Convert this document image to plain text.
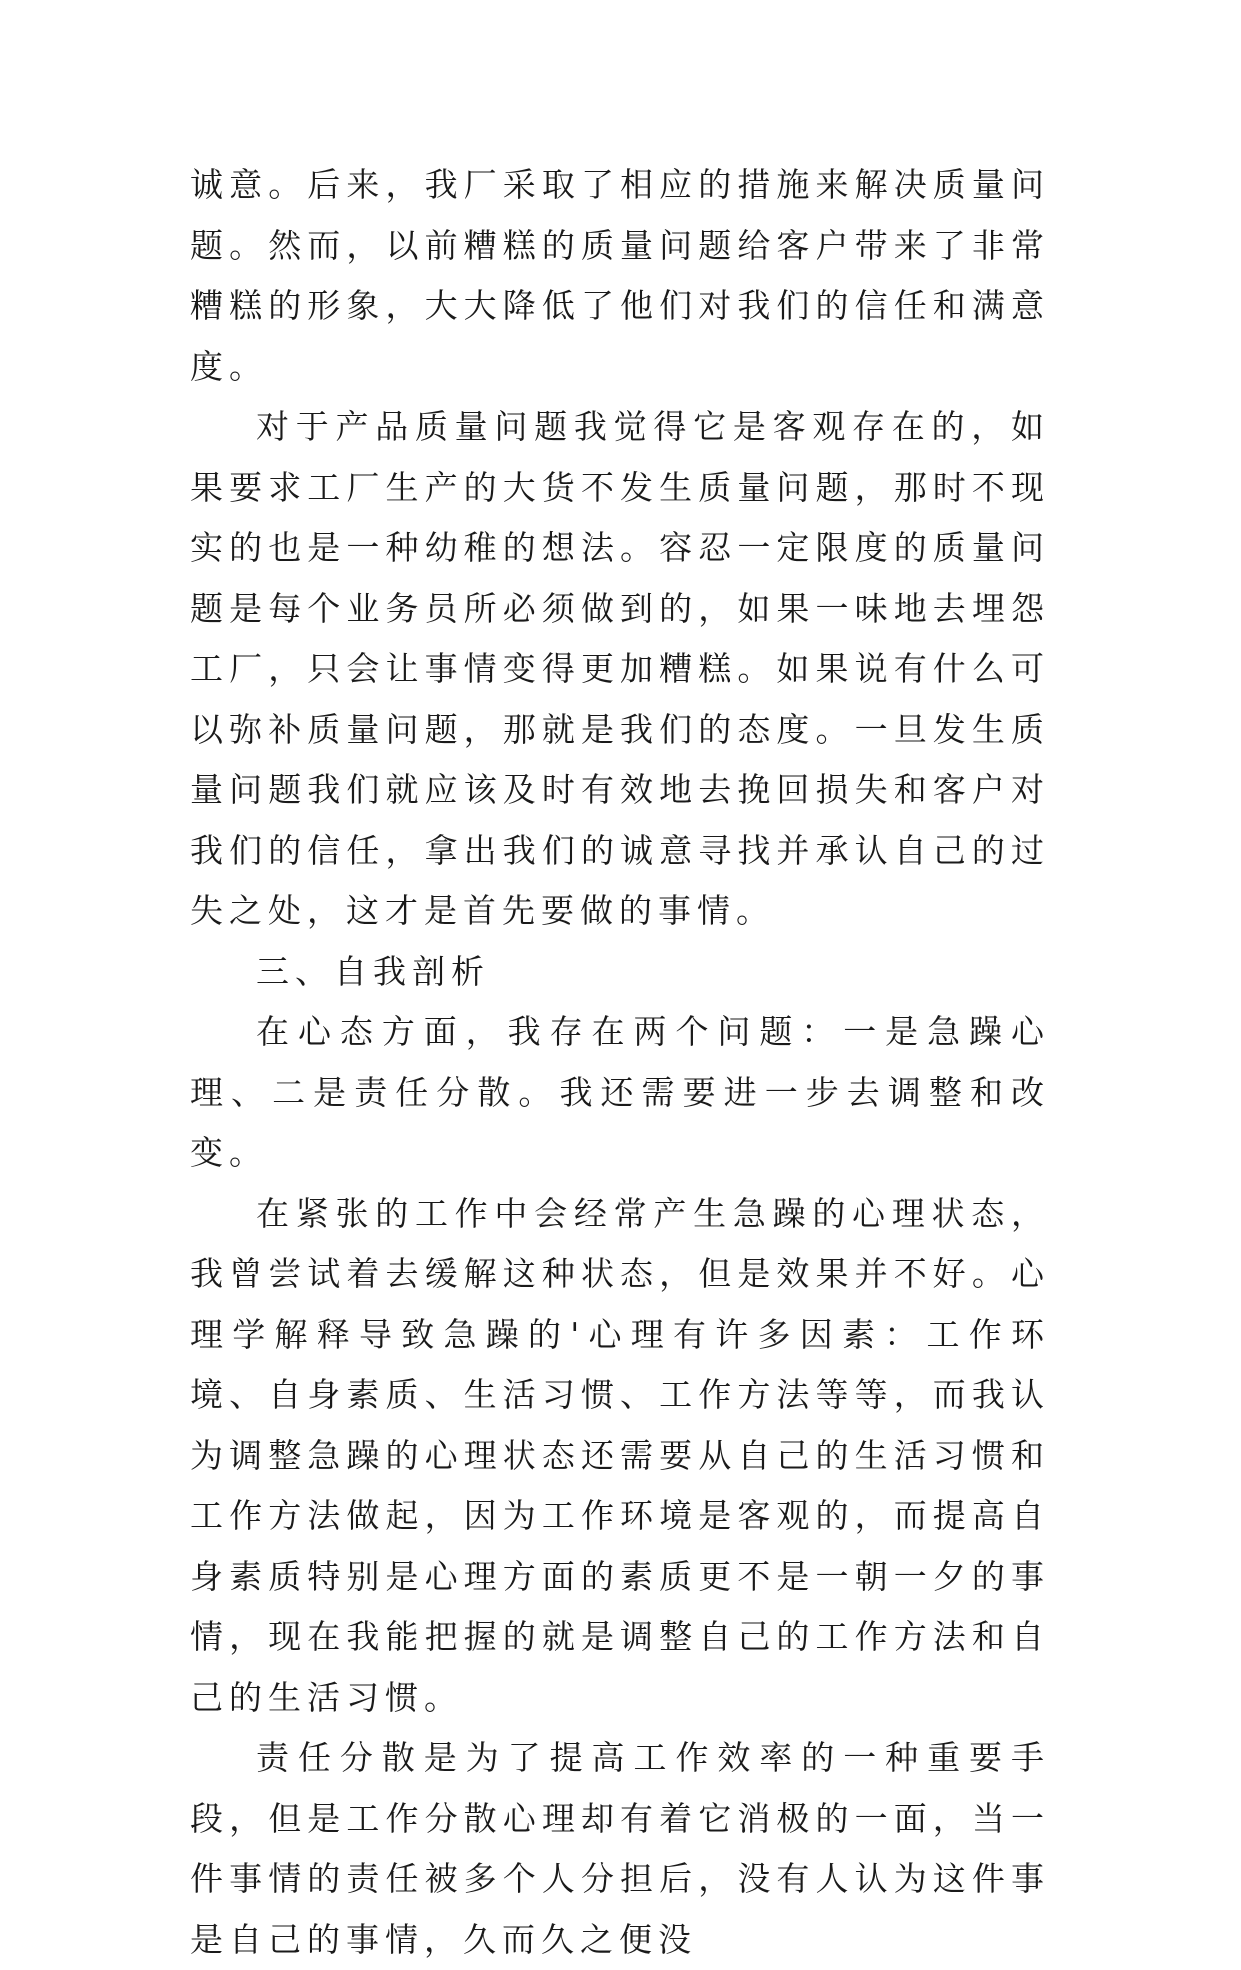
诚意。后来，我厂采取了相应的措施来解决质量问题。然而，以前糟糕的质量问题给客户带来了非常糟糕的形象，大大降低了他们对我们的信任和满意度。

对于产品质量问题我觉得它是客观存在的，如果要求工厂生产的大货不发生质量问题，那时不现实的也是一种幼稚的想法。容忍一定限度的质量问题是每个业务员所必须做到的，如果一味地去埋怨工厂，只会让事情变得更加糟糕。如果说有什么可以弥补质量问题，那就是我们的态度。一旦发生质量问题我们就应该及时有效地去挽回损失和客户对我们的信任，拿出我们的诚意寻找并承认自己的过失之处，这才是首先要做的事情。

三、自我剖析

在心态方面，我存在两个问题：一是急躁心理、二是责任分散。我还需要进一步去调整和改变。

在紧张的工作中会经常产生急躁的心理状态，我曾尝试着去缓解这种状态，但是效果并不好。心理学解释导致急躁的'心理有许多因素：工作环境、自身素质、生活习惯、工作方法等等，而我认为调整急躁的心理状态还需要从自己的生活习惯和工作方法做起，因为工作环境是客观的，而提高自身素质特别是心理方面的素质更不是一朝一夕的事情，现在我能把握的就是调整自己的工作方法和自己的生活习惯。

责任分散是为了提高工作效率的一种重要手段，但是工作分散心理却有着它消极的一面，当一件事情的责任被多个人分担后，没有人认为这件事是自己的事情，久而久之便没
